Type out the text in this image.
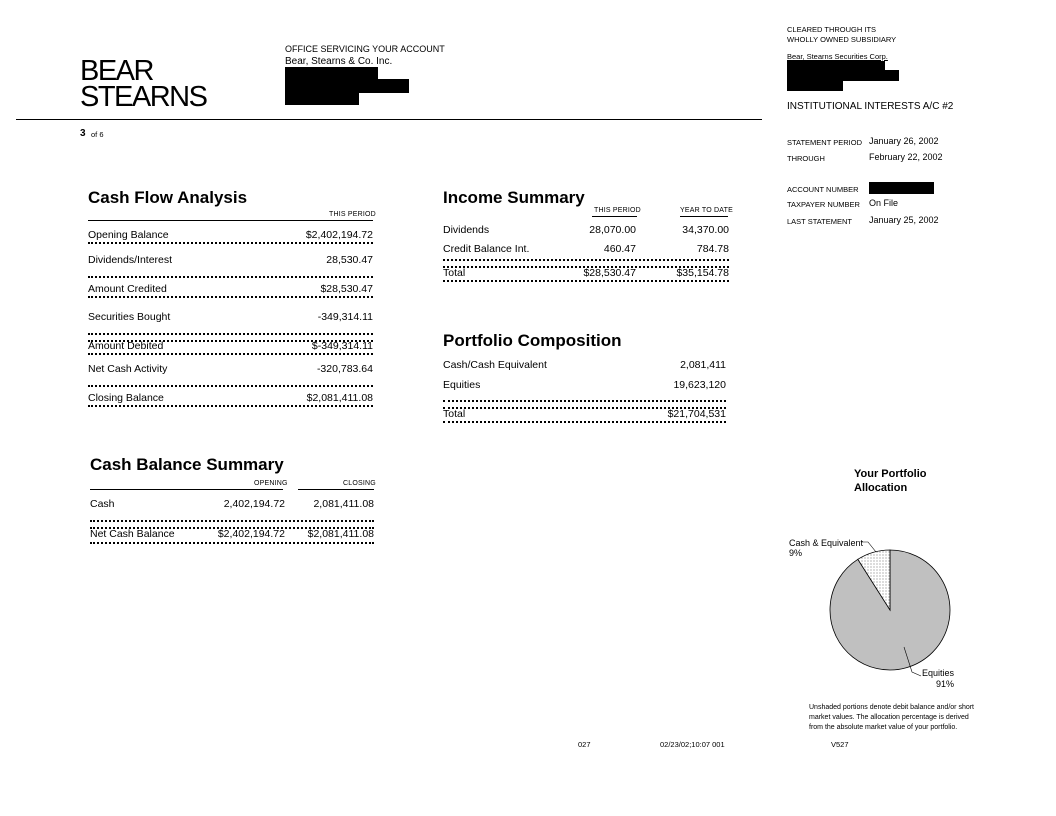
BEAR
STEARNS
OFFICE SERVICING YOUR ACCOUNT
Bear, Stearns & Co. Inc.
CLEARED THROUGH ITS
WHOLLY OWNED SUBSIDIARY
Bear, Stearns Securities Corp.
INSTITUTIONAL INTERESTS A/C #2
3 of 6
STATEMENT PERIOD January 26, 2002
THROUGH	February 22, 2002
ACCOUNT NUMBER
TAXPAYER NUMBER On File
LAST STATEMENT January 25, 2002
Cash Flow Analysis
THIS PERIOD
Opening Balance	$2,402,194.72
Dividends/Interest	28,530.47
Amount Credited	$28,530.47
Securities Bought	-349,314.11
Amount Debited	$-349,314.11
Net Cash Activity	-320,783.64
Closing Balance	$2,081,411.08
Income Summary
THIS PERIOD	YEAR TO DATE
Dividends	28,070.00	34,370.00
Credit Balance Int.	460.47	784.78
Total	$28,530.47	$35,154.78
Portfolio Composition
Cash/Cash Equivalent	2,081,411
Equities	19,623,120
Total	$21,704,531
Cash Balance Summary
OPENING	CLOSING
Cash	2,402,194.72	2,081,411.08
Net Cash Balance	$2,402,194.72 $2,081,411.08
Your Portfolio
Allocation
Cash & Equivalent
9%
Equities
91%
Unshaded portions denote debit balance and/or short
market values. The allocation percentage is derived
from the absolute market value of your portfolio.
027	02/23/02;10:07 001	V527
